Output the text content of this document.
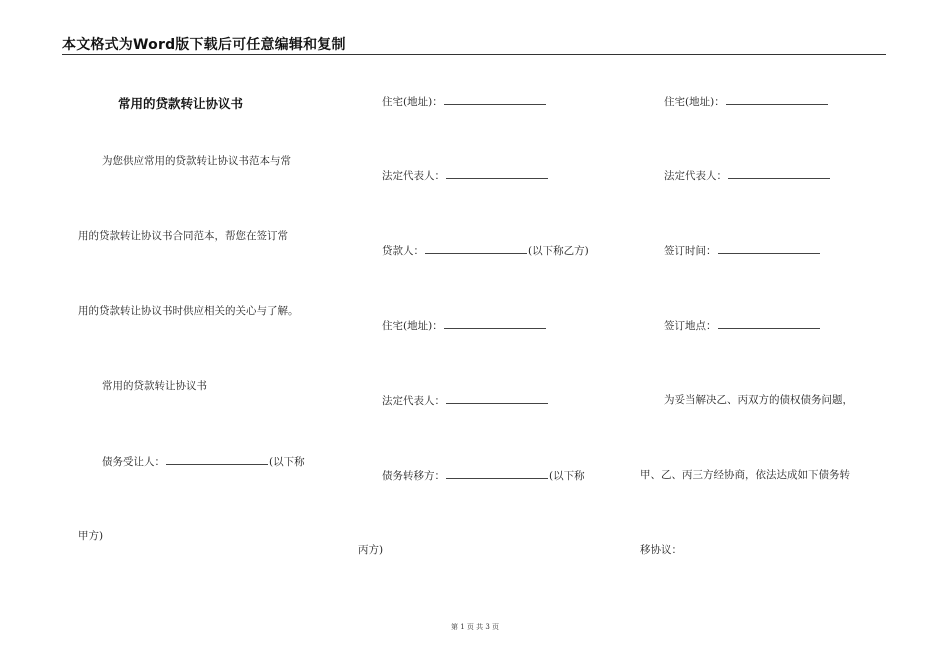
本文格式为Word版下载后可任意编辑和复制
常用的贷款转让协议书
为您供应常用的贷款转让协议书范本与常
用的贷款转让协议书合同范本，帮您在签订常
用的贷款转让协议书时供应相关的关心与了解。
常用的贷款转让协议书
债务受让人：	(以下称
甲方)
住宅(地址)：
法定代表人：
贷款人：	(以下称乙方)
住宅(地址)：
法定代表人：
债务转移方：	(以下称
丙方)
住宅(地址)：
法定代表人：
签订时间：
签订地点：
为妥当解决乙、丙双方的债权债务问题，
甲、乙、丙三方经协商，依法达成如下债务转
移协议：
第 1 页 共 3 页
